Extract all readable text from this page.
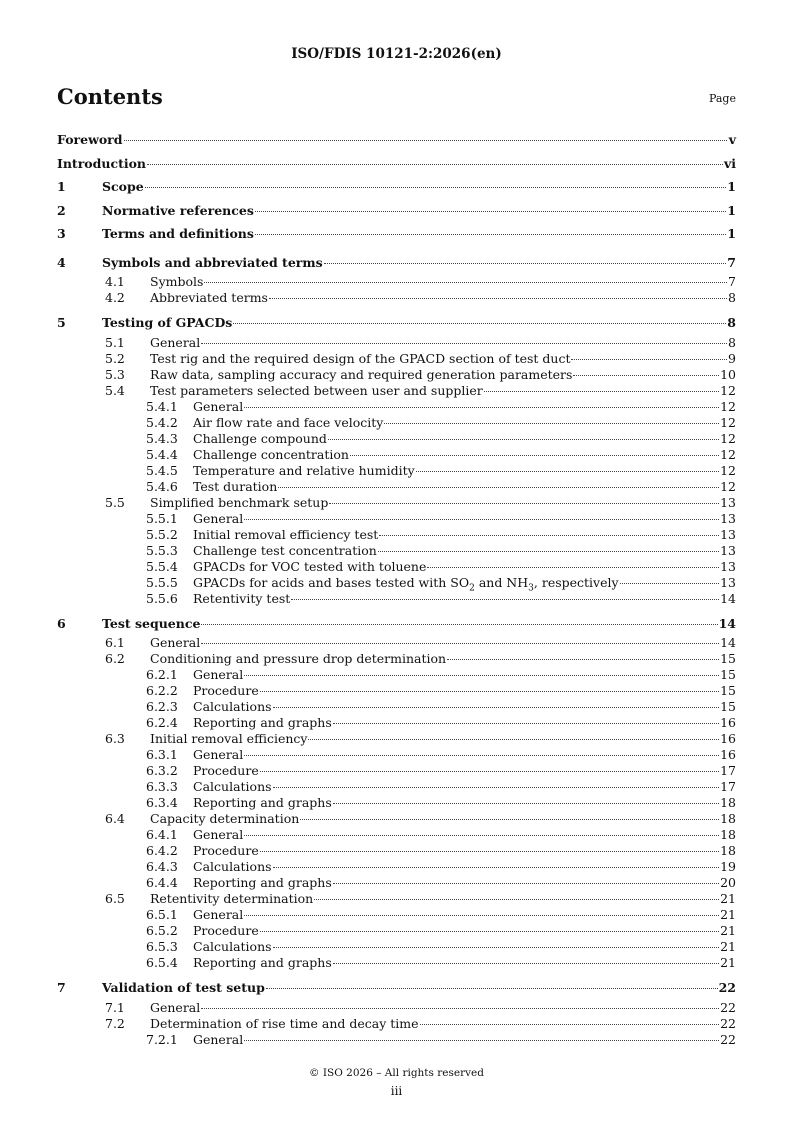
ISO/FDIS 10121-2:2026(en)
Contents	Page
Foreword	v
Introduction	vi
1	Scope	1
2	Normative references	1
3	Terms and definitions	1
4	Symbols and abbreviated terms	7
4.1	Symbols	7
4.2	Abbreviated terms	8
5	Testing of GPACDs	8
5.1	General	8
5.2	Test rig and the required design of the GPACD section of test duct	9
5.3	Raw data, sampling accuracy and required generation parameters	10
5.4	Test parameters selected between user and supplier	12
5.4.1	General	12
5.4.2	Air flow rate and face velocity	12
5.4.3	Challenge compound	12
5.4.4	Challenge concentration	12
5.4.5	Temperature and relative humidity	12
5.4.6	Test duration	12
5.5	Simplified benchmark setup	13
5.5.1	General	13
5.5.2	Initial removal efficiency test	13
5.5.3	Challenge test concentration	13
5.5.4	GPACDs for VOC tested with toluene	13
5.5.5	GPACDs for acids and bases tested with $SO_2$ and $NH_3$, respectively	13
5.5.6	Retentivity test	14
6	Test sequence	14
6.1	General	14
6.2	Conditioning and pressure drop determination	15
6.2.1	General	15
6.2.2	Procedure	15
6.2.3	Calculations	15
6.2.4	Reporting and graphs	16
6.3	Initial removal efficiency	16
6.3.1	General	16
6.3.2	Procedure	17
6.3.3	Calculations	17
6.3.4	Reporting and graphs	18
6.4	Capacity determination	18
6.4.1	General	18
6.4.2	Procedure	18
6.4.3	Calculations	19
6.4.4	Reporting and graphs	20
6.5	Retentivity determination	21
6.5.1	General	21
6.5.2	Procedure	21
6.5.3	Calculations	21
6.5.4	Reporting and graphs	21
7	Validation of test setup	22
7.1	General	22
7.2	Determination of rise time and decay time	22
7.2.1	General	22
© ISO 2026 – All rights reserved
iii
